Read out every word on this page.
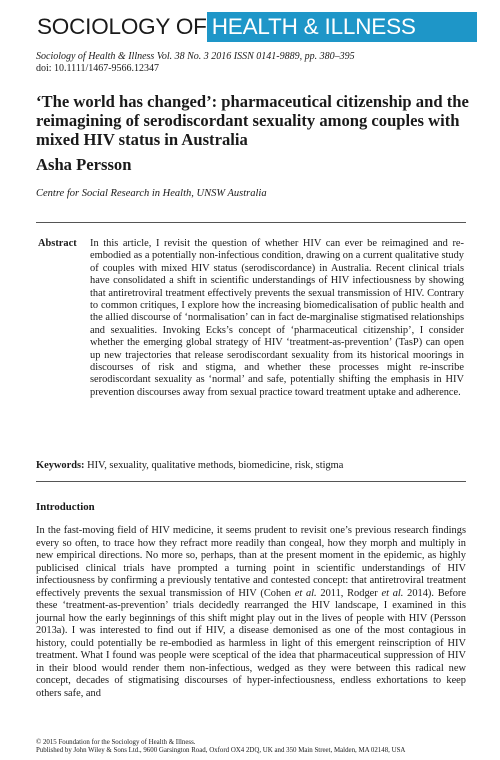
SOCIOLOGY OF HEALTH & ILLNESS
Sociology of Health & Illness Vol. 38 No. 3 2016 ISSN 0141-9889, pp. 380–395
doi: 10.1111/1467-9566.12347
‘The world has changed’: pharmaceutical citizenship and the reimagining of serodiscordant sexuality among couples with mixed HIV status in Australia
Asha Persson
Centre for Social Research in Health, UNSW Australia
Abstract	In this article, I revisit the question of whether HIV can ever be reimagined and re-embodied as a potentially non-infectious condition, drawing on a current qualitative study of couples with mixed HIV status (serodiscordance) in Australia. Recent clinical trials have consolidated a shift in scientific understandings of HIV infectiousness by showing that antiretroviral treatment effectively prevents the sexual transmission of HIV. Contrary to common critiques, I explore how the increasing biomedicalisation of public health and the allied discourse of ‘normalisation’ can in fact de-marginalise stigmatised relationships and sexualities. Invoking Ecks’s concept of ‘pharmaceutical citizenship’, I consider whether the emerging global strategy of HIV ‘treatment-as-prevention’ (TasP) can open up new trajectories that release serodiscordant sexuality from its historical moorings in discourses of risk and stigma, and whether these processes might re-inscribe serodiscordant sexuality as ‘normal’ and safe, potentially shifting the emphasis in HIV prevention discourses away from sexual practice toward treatment uptake and adherence.

Keywords: HIV, sexuality, qualitative methods, biomedicine, risk, stigma
Introduction

In the fast-moving field of HIV medicine, it seems prudent to revisit one’s previous research findings every so often, to trace how they refract more readily than congeal, how they morph and multiply in new empirical directions. No more so, perhaps, than at the present moment in the epidemic, as highly publicised clinical trials have prompted a turning point in scientific understandings of HIV infectiousness by confirming a previously tentative and contested concept: that antiretroviral treatment effectively prevents the sexual transmission of HIV (Cohen et al. 2011, Rodger et al. 2014). Before these ‘treatment-as-prevention’ trials decidedly rearranged the HIV landscape, I examined in this journal how the early beginnings of this shift might play out in the lives of people with HIV (Persson 2013a). I was interested to find out if HIV, a disease demonised as one of the most contagious in history, could potentially be re-embodied as harmless in light of this emergent reinscription of HIV treatment. What I found was people were sceptical of the idea that pharmaceutical suppression of HIV in their blood would render them non-infectious, wedged as they were between this radical new concept, decades of stigmatising discourses of hyper-infectiousness, endless exhortations to keep others safe, and

© 2015 Foundation for the Sociology of Health & Illness.
Published by John Wiley & Sons Ltd., 9600 Garsington Road, Oxford OX4 2DQ, UK and 350 Main Street, Malden, MA 02148, USA
